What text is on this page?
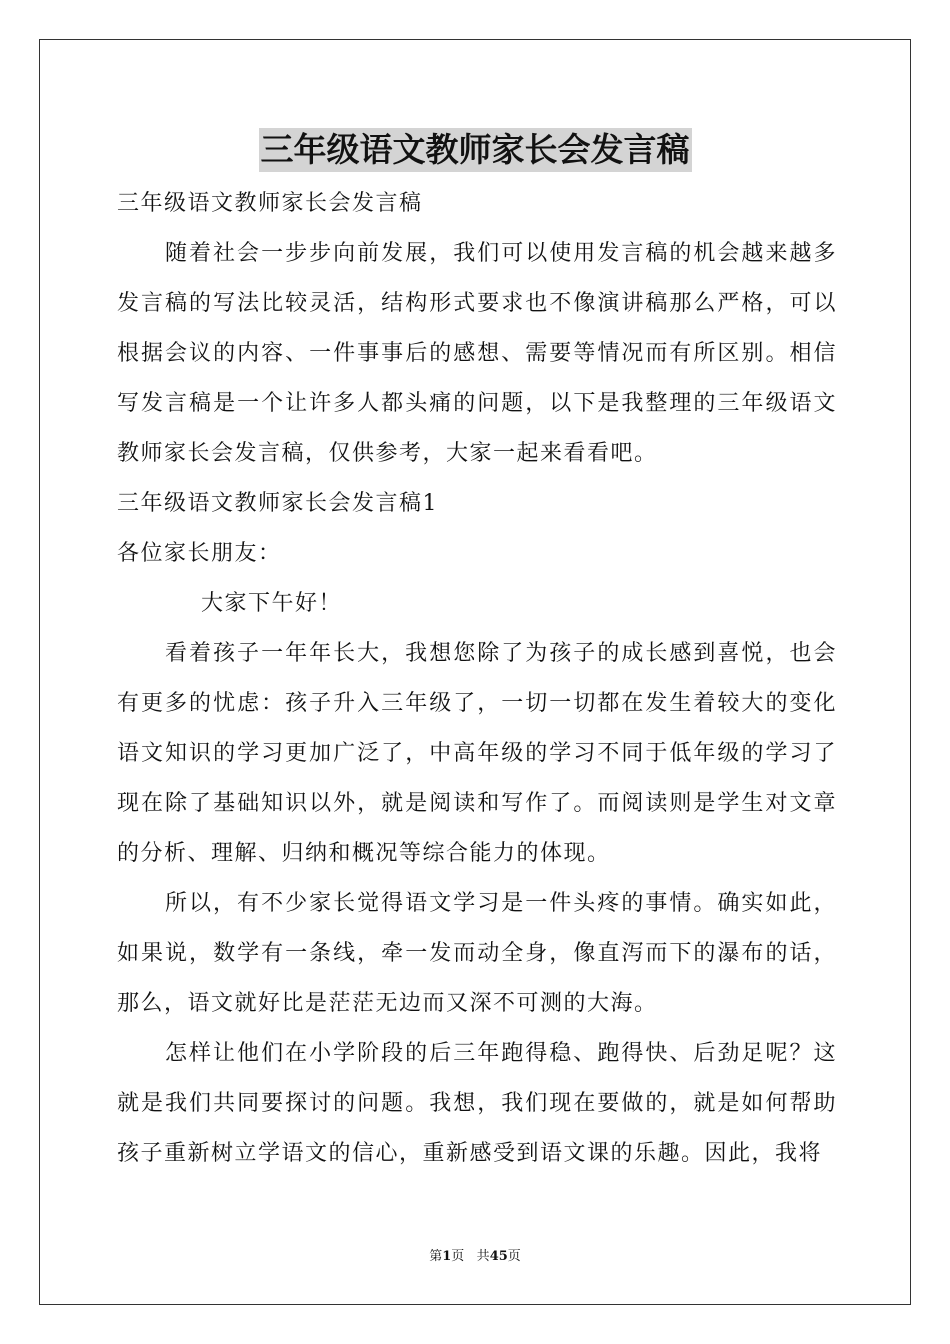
三年级语文教师家长会发言稿

三年级语文教师家长会发言稿

随着社会一步步向前发展，我们可以使用发言稿的机会越来越多发言稿的写法比较灵活，结构形式要求也不像演讲稿那么严格，可以根据会议的内容、一件事事后的感想、需要等情况而有所区别。相信写发言稿是一个让许多人都头痛的问题，以下是我整理的三年级语文教师家长会发言稿，仅供参考，大家一起来看看吧。

三年级语文教师家长会发言稿1

各位家长朋友：

大家下午好！

看着孩子一年年长大，我想您除了为孩子的成长感到喜悦，也会有更多的忧虑：孩子升入三年级了，一切一切都在发生着较大的变化语文知识的学习更加广泛了，中高年级的学习不同于低年级的学习了现在除了基础知识以外，就是阅读和写作了。而阅读则是学生对文章的分析、理解、归纳和概况等综合能力的体现。

所以，有不少家长觉得语文学习是一件头疼的事情。确实如此，如果说，数学有一条线，牵一发而动全身，像直泻而下的瀑布的话，那么，语文就好比是茫茫无边而又深不可测的大海。

怎样让他们在小学阶段的后三年跑得稳、跑得快、后劲足呢？这就是我们共同要探讨的问题。我想，我们现在要做的，就是如何帮助孩子重新树立学语文的信心，重新感受到语文课的乐趣。因此，我将

第1页 共45页
